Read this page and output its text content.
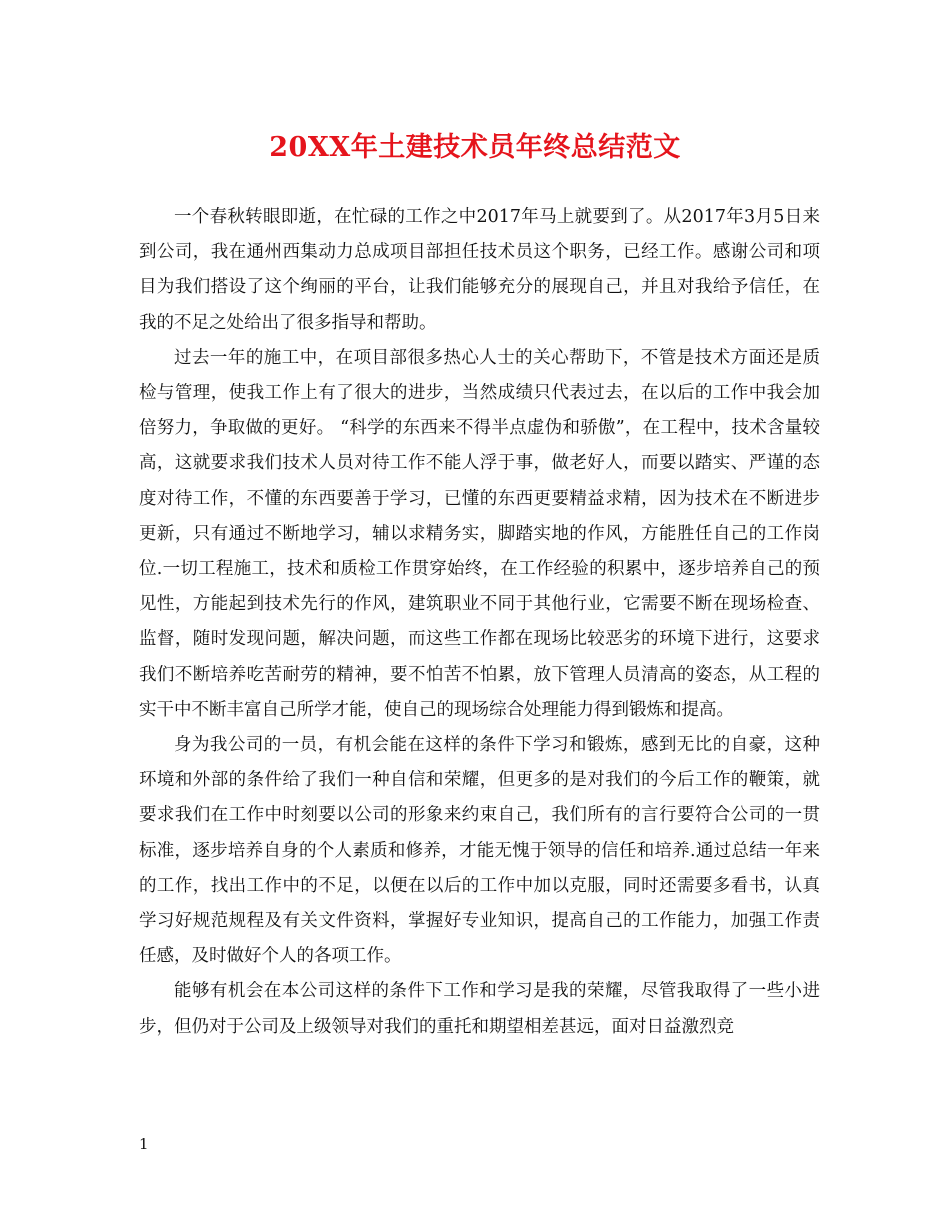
20XX年土建技术员年终总结范文

一个春秋转眼即逝，在忙碌的工作之中2017年马上就要到了。从2017年3月5日来到公司，我在通州西集动力总成项目部担任技术员这个职务，已经工作。感谢公司和项目为我们搭设了这个绚丽的平台，让我们能够充分的展现自己，并且对我给予信任，在我的不足之处给出了很多指导和帮助。

过去一年的施工中，在项目部很多热心人士的关心帮助下，不管是技术方面还是质检与管理，使我工作上有了很大的进步，当然成绩只代表过去，在以后的工作中我会加倍努力，争取做的更好。 “科学的东西来不得半点虚伪和骄傲”，在工程中，技术含量较高，这就要求我们技术人员对待工作不能人浮于事，做老好人，而要以踏实、严谨的态度对待工作，不懂的东西要善于学习，已懂的东西更要精益求精，因为技术在不断进步更新，只有通过不断地学习，辅以求精务实，脚踏实地的作风，方能胜任自己的工作岗位.一切工程施工，技术和质检工作贯穿始终，在工作经验的积累中，逐步培养自己的预见性，方能起到技术先行的作风，建筑职业不同于其他行业，它需要不断在现场检查、监督，随时发现问题，解决问题，而这些工作都在现场比较恶劣的环境下进行，这要求我们不断培养吃苦耐劳的精神，要不怕苦不怕累，放下管理人员清高的姿态，从工程的实干中不断丰富自己所学才能，使自己的现场综合处理能力得到锻炼和提高。

身为我公司的一员，有机会能在这样的条件下学习和锻炼，感到无比的自豪，这种环境和外部的条件给了我们一种自信和荣耀，但更多的是对我们的今后工作的鞭策，就要求我们在工作中时刻要以公司的形象来约束自己，我们所有的言行要符合公司的一贯标准，逐步培养自身的个人素质和修养，才能无愧于领导的信任和培养.通过总结一年来的工作，找出工作中的不足，以便在以后的工作中加以克服，同时还需要多看书，认真学习好规范规程及有关文件资料，掌握好专业知识，提高自己的工作能力，加强工作责任感，及时做好个人的各项工作。

能够有机会在本公司这样的条件下工作和学习是我的荣耀，尽管我取得了一些小进步，但仍对于公司及上级领导对我们的重托和期望相差甚远，面对日益激烈竞

1
